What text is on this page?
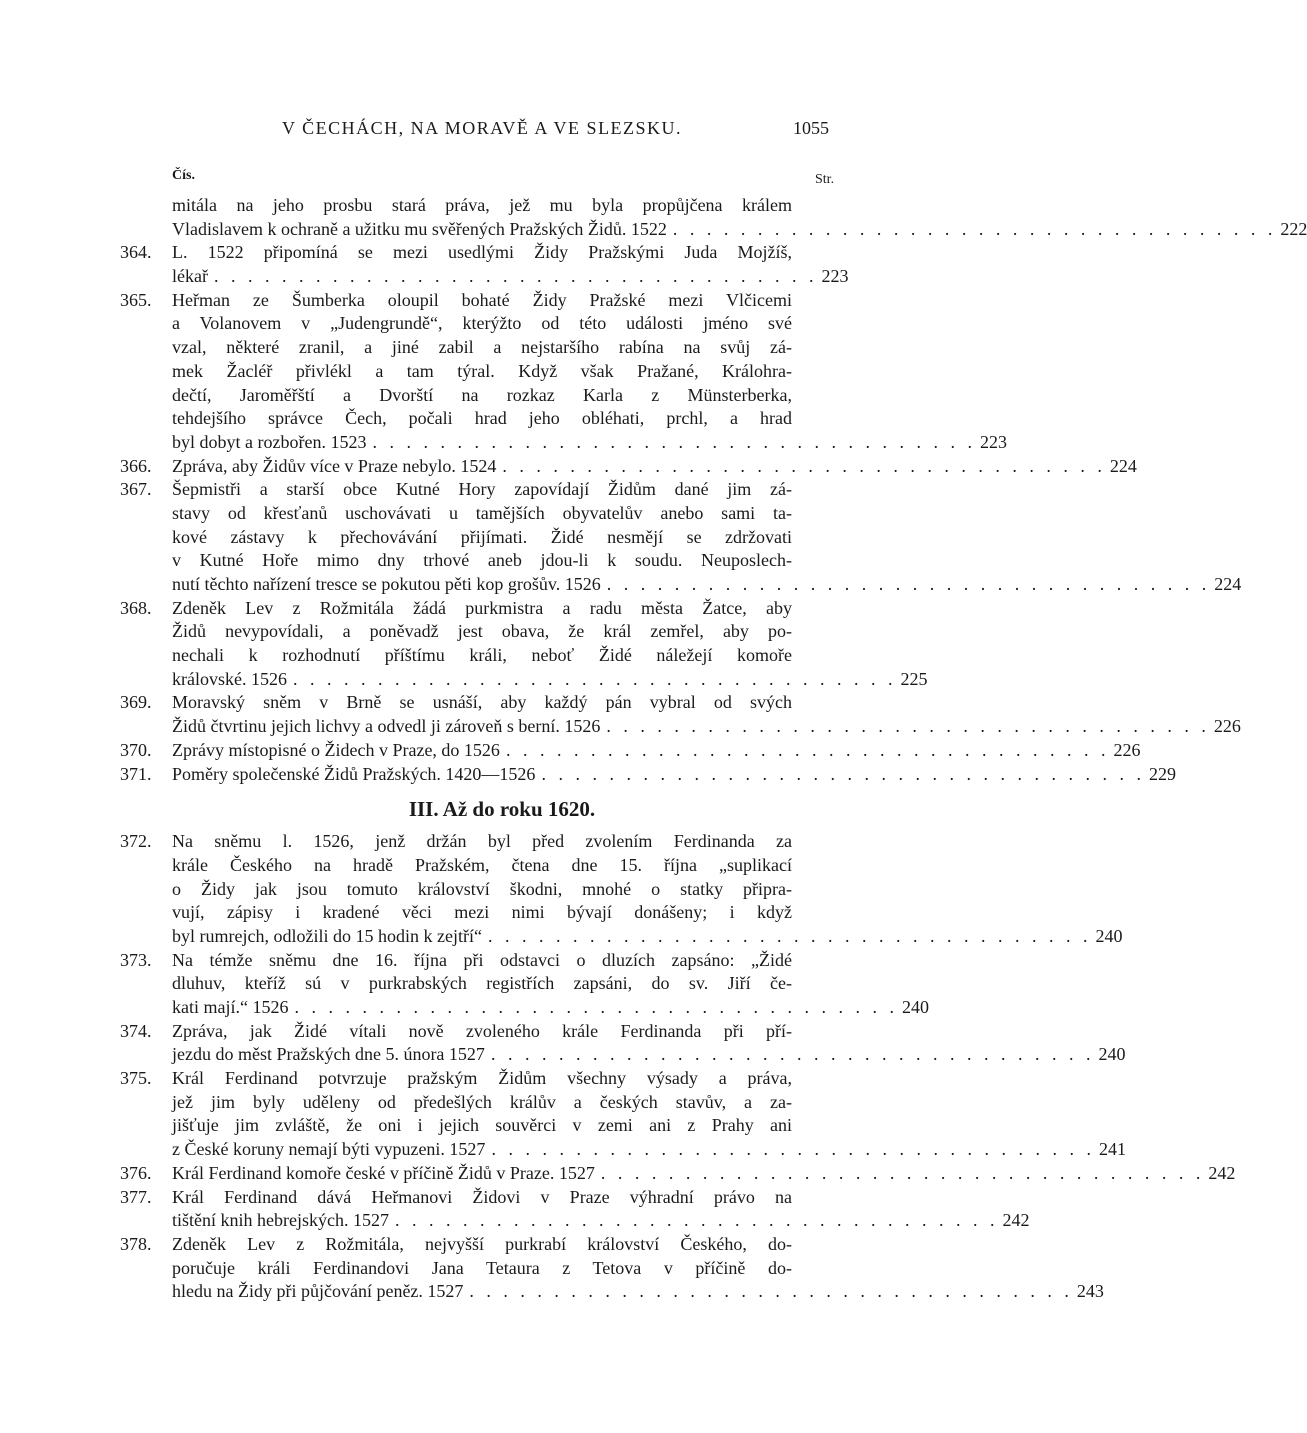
V ČECHÁCH, NA MORAVĚ A VE SLEZSKU.	1055
Čís.	Str.
mitála na jeho prosbu stará práva, jež mu byla propůjčena králem
Vladislavem k ochraně a užitku mu svěřených Pražských Židů. 1522 . . . . . . . . . . . . . . . . . . . . . . . . . . . . . . . . . . . . 222
364. L. 1522 připomíná se mezi usedlými Židy Pražskými Juda Mojžíš,
lékař . . . . . . . . . . . . . . . . . . . . . . . . . . . . . . . . . . . . 223
365. Heřman ze Šumberka oloupil bohaté Židy Pražské mezi Vlčicemi
a Volanovem v „Judengrundě“, kterýžto od této události jméno své
vzal, některé zranil, a jiné zabil a nejstaršího rabína na svůj zá-
mek Žacléř přivlékl a tam týral. Když však Pražané, Králohra-
dečtí, Jaroměřští a Dvorští na rozkaz Karla z Münsterberka,
tehdejšího správce Čech, počali hrad jeho obléhati, prchl, a hrad
byl dobyt a rozbořen. 1523 . . . . . . . . . . . . . . . . . . . . . . . . . . . . . . . . . . . . 223
366. Zpráva, aby Židův více v Praze nebylo. 1524 . . . . . . . . . . . . . . . . . . . . . . . . . . . . . . . . . . . . 224
367. Šepmistři a starší obce Kutné Hory zapovídají Židům dané jim zá-
stavy od křesťanů uschovávati u tamějších obyvatelův anebo sami ta-
kové zástavy k přechovávání přijímati. Židé nesmějí se zdržovati
v Kutné Hoře mimo dny trhové aneb jdou-li k soudu. Neuposlech-
nutí těchto nařízení tresce se pokutou pěti kop grošův. 1526 . . . . . . . . . . . . . . . . . . . . . . . . . . . . . . . . . . . . 224
368. Zdeněk Lev z Rožmitála žádá purkmistra a radu města Žatce, aby
Židů nevypovídali, a poněvadž jest obava, že král zemřel, aby po-
nechali k rozhodnutí příštímu králi, neboť Židé náležejí komoře
královské. 1526 . . . . . . . . . . . . . . . . . . . . . . . . . . . . . . . . . . . . 225
369. Moravský sněm v Brně se usnáší, aby každý pán vybral od svých
Židů čtvrtinu jejich lichvy a odvedl ji zároveň s berní. 1526 . . . . . . . . . . . . . . . . . . . . . . . . . . . . . . . . . . . . 226
370. Zprávy místopisné o Židech v Praze, do 1526 . . . . . . . . . . . . . . . . . . . . . . . . . . . . . . . . . . . . 226
371. Poměry společenské Židů Pražských. 1420—1526 . . . . . . . . . . . . . . . . . . . . . . . . . . . . . . . . . . . . 229
III. Až do roku 1620.
372. Na sněmu l. 1526, jenž držán byl před zvolením Ferdinanda za
krále Českého na hradě Pražském, čtena dne 15. října „suplikací
o Židy jak jsou tomuto království škodni, mnohé o statky připra-
vují, zápisy i kradené věci mezi nimi bývají donášeny; i když
byl rumrejch, odložili do 15 hodin k zejtří“ . . . . . . . . . . . . . . . . . . . . . . . . . . . . . . . . . . . . 240
373. Na témže sněmu dne 16. října při odstavci o dluzích zapsáno: „Židé
dluhuv, kteříž sú v purkrabských registřích zapsáni, do sv. Jiří če-
kati mají.“ 1526 . . . . . . . . . . . . . . . . . . . . . . . . . . . . . . . . . . . . 240
374. Zpráva, jak Židé vítali nově zvoleného krále Ferdinanda při pří-
jezdu do měst Pražských dne 5. února 1527 . . . . . . . . . . . . . . . . . . . . . . . . . . . . . . . . . . . . 240
375. Král Ferdinand potvrzuje pražským Židům všechny výsady a práva,
jež jim byly uděleny od předešlých králův a českých stavův, a za-
jišťuje jim zvláště, že oni i jejich souvěrci v zemi ani z Prahy ani
z České koruny nemají býti vypuzeni. 1527 . . . . . . . . . . . . . . . . . . . . . . . . . . . . . . . . . . . . 241
376. Král Ferdinand komoře české v příčině Židů v Praze. 1527 . . . . . . . . . . . . . . . . . . . . . . . . . . . . . . . . . . . . 242
377. Král Ferdinand dává Heřmanovi Židovi v Praze výhradní právo na
tištění knih hebrejských. 1527 . . . . . . . . . . . . . . . . . . . . . . . . . . . . . . . . . . . . 242
378. Zdeněk Lev z Rožmitála, nejvyšší purkrabí království Českého, do-
poručuje králi Ferdinandovi Jana Tetaura z Tetova v příčině do-
hledu na Židy při půjčování peněz. 1527 . . . . . . . . . . . . . . . . . . . . . . . . . . . . . . . . . . . . 243
